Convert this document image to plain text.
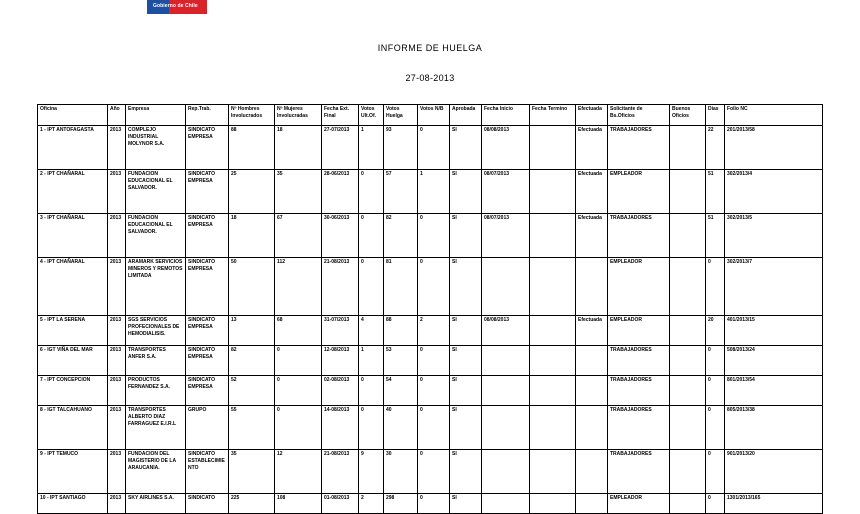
Gobierno de Chile
INFORME DE HUELGA
27-08-2013
Oficina	Año	Empresa	Rep.Trab.	Nº Hombres Involucrados	Nº Mujeres Involucradas	Fecha Ext. Final	Votos Ult.Of.	Votos Huelga	Votos N/B	Aprobada	Fecha Inicio	Fecha Termino	Efectuada	Solicitante de Bs.Oficios	Buenos Oficios	Días	Folio NC
1 - IPT ANTOFAGASTA	2013	COMPLEJO INDUSTRIAL MOLYNOR S.A.	SINDICATO EMPRESA	88	18	27-07/2013	1	93	0	SI	08/08/2013		Efectuada	TRABAJADORES		22	201/2013/58
2 - IPT CHAÑARAL	2013	FUNDACION EDUCACIONAL EL SALVADOR.	SINDICATO EMPRESA	25	35	28-06/2013	0	57	1	SI	08/07/2013		Efectuada	EMPLEADOR		51	302/2013/4
3 - IPT CHAÑARAL	2013	FUNDACION EDUCACIONAL EL SALVADOR.	SINDICATO EMPRESA	18	67	30-06/2013	0	82	0	SI	08/07/2013		Efectuada	TRABAJADORES		51	302/2013/5
4 - IPT CHAÑARAL	2013	ARAMARK SERVICIOS MINEROS Y REMOTOS LIMITADA	SINDICATO EMPRESA	50	112	21-08/2013	0	81	0	SI				EMPLEADOR		0	302/2013/7
5 - IPT LA SERENA	2013	SGS SERVICIOS PROFECIONALES DE HEMODIALISIS.	SINDICATO EMPRESA	13	68	31-07/2013	4	88	2	SI	08/08/2013		Efectuada	EMPLEADOR		20	401/2013/15
6 - IGT VIÑA DEL MAR	2013	TRANSPORTES ANFER S.A.	SINDICATO EMPRESA	82	0	12-08/2013	1	53	0	SI				TRABAJADORES		0	508/2013/24
7 - IPT CONCEPCION	2013	PRODUCTOS FERNANDEZ S.A.	SINDICATO EMPRESA	52	0	02-08/2013	0	54	0	SI				TRABAJADORES		0	801/2013/54
8 - IGT TALCAHUANO	2013	TRANSPORTES ALBERTO DIAZ FARRAGUEZ E.I.R.L	GRUPO	55	0	14-08/2013	0	40	0	SI				TRABAJADORES		0	805/2013/38
9 - IPT TEMUCO	2013	FUNDACION DEL MAGISTERIO DE LA ARAUCANIA.	SINDICATO ESTABLECIMIENTO	35	12	21-08/2013	9	30	0	SI				TRABAJADORES		0	901/2013/20
10 - IPT SANTIAGO	2013	SKY AIRLINES S.A.	SINDICATO	225	108	01-08/2013	2	298	0	SI				EMPLEADOR		0	1301/2013/165
